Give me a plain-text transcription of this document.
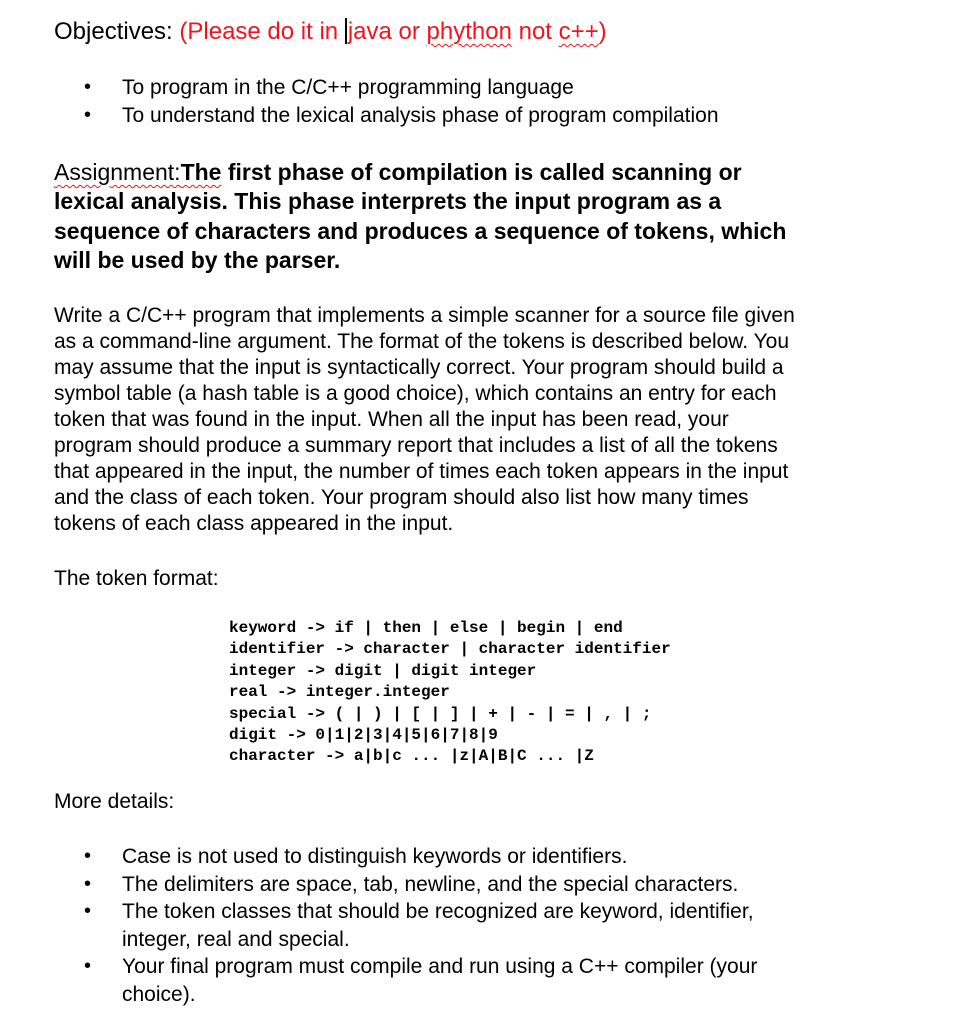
Objectives: (Please do it in java or phython not c++)
• To program in the C/C++ programming language
• To understand the lexical analysis phase of program compilation
Assignment:The first phase of compilation is called scanning or
lexical analysis. This phase interprets the input program as a
sequence of characters and produces a sequence of tokens, which
will be used by the parser.
Write a C/C++ program that implements a simple scanner for a source file given
as a command-line argument. The format of the tokens is described below. You
may assume that the input is syntactically correct. Your program should build a
symbol table (a hash table is a good choice), which contains an entry for each
token that was found in the input. When all the input has been read, your
program should produce a summary report that includes a list of all the tokens
that appeared in the input, the number of times each token appears in the input
and the class of each token. Your program should also list how many times
tokens of each class appeared in the input.
The token format:
keyword -> if | then | else | begin | end
identifier -> character | character identifier
integer -> digit | digit integer
real -> integer.integer
special -> ( | ) | [ | ] | + | - | = | , | ;
digit -> 0|1|2|3|4|5|6|7|8|9
character -> a|b|c ... |z|A|B|C ... |Z
More details:
• Case is not used to distinguish keywords or identifiers.
• The delimiters are space, tab, newline, and the special characters.
• The token classes that should be recognized are keyword, identifier,
integer, real and special.
• Your final program must compile and run using a C++ compiler (your
choice).
